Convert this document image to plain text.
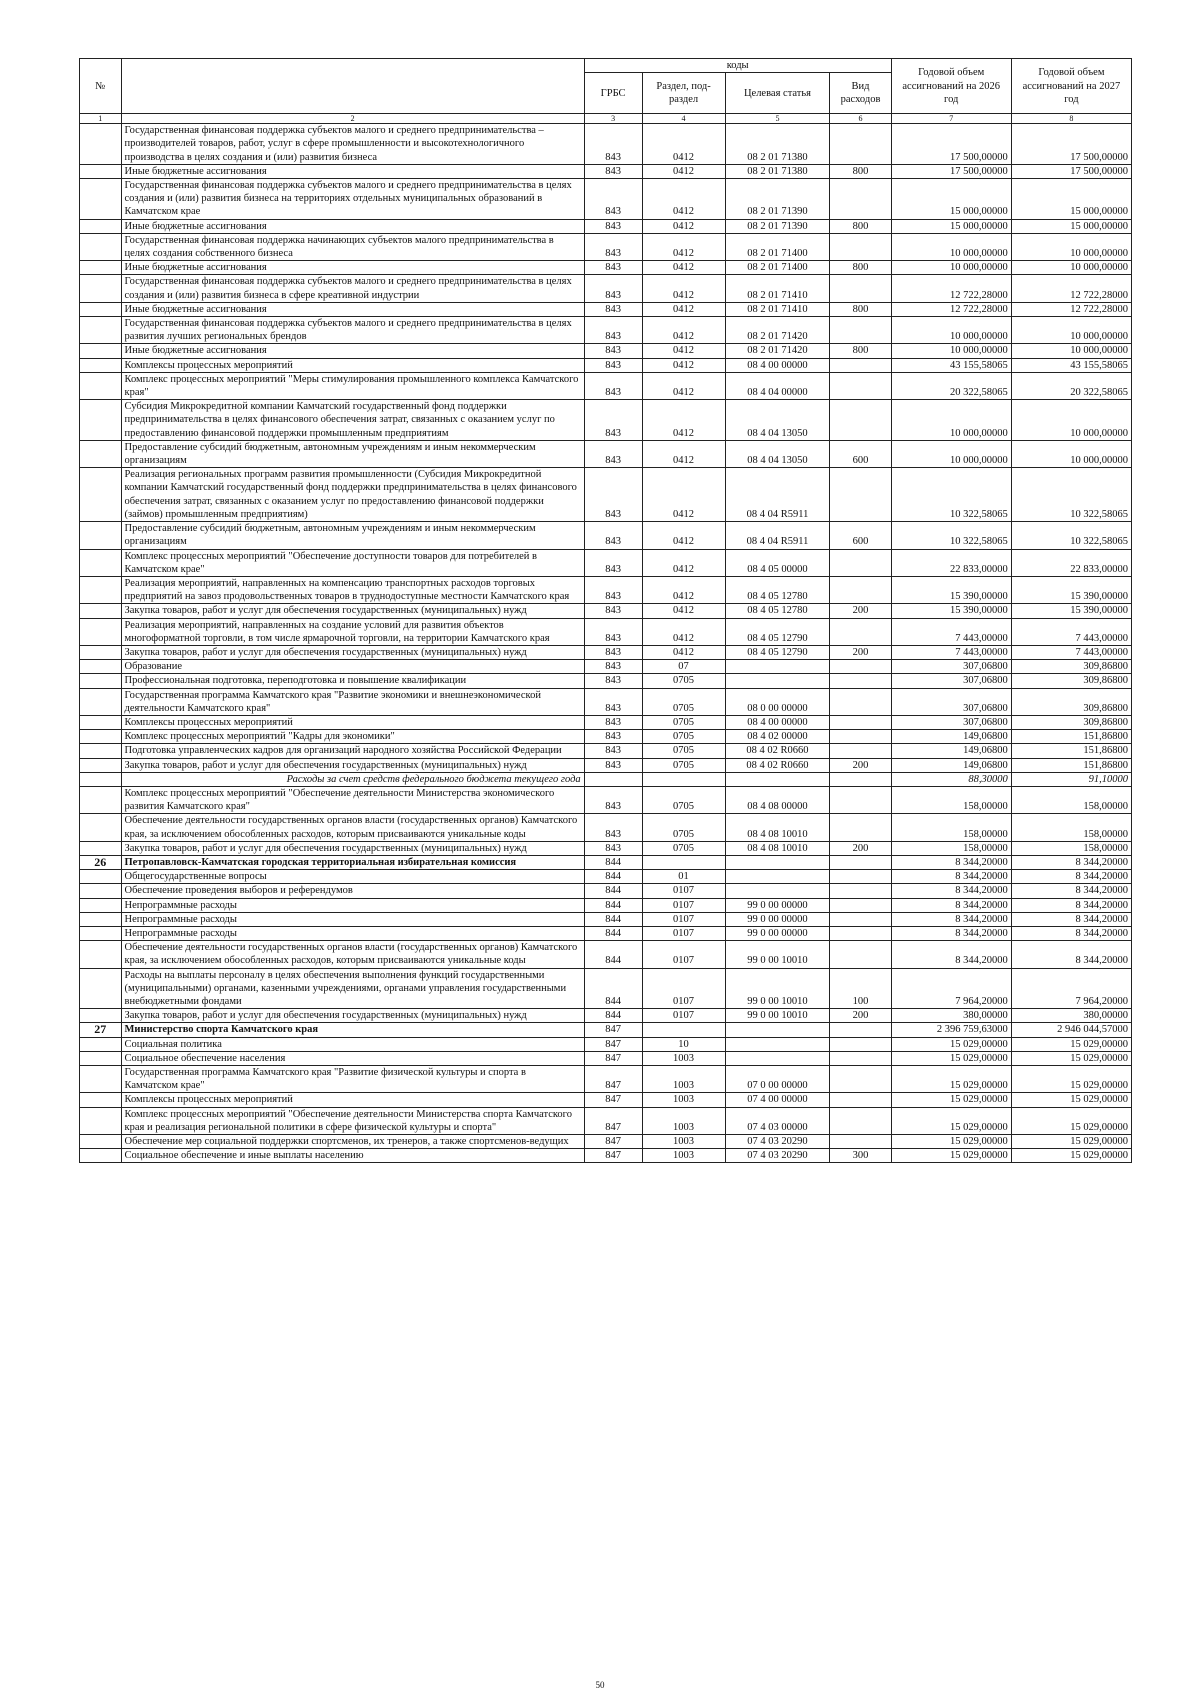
№		коды				Годовой объем ассигнований на 2026 год	Годовой объем ассигнований на 2027 год
		ГРБС	Раздел, под-раздел	Целевая статья	Вид расходов		
1	2	3	4	5	6	7	8
	Государственная финансовая поддержка субъектов малого и среднего предпринимательства – производителей товаров, работ, услуг в сфере промышленности и высокотехнологичного производства в целях создания и (или) развития бизнеса	843	0412	08 2 01 71380		17 500,00000	17 500,00000
	Иные бюджетные ассигнования	843	0412	08 2 01 71380	800	17 500,00000	17 500,00000
	Государственная финансовая поддержка субъектов малого и среднего предпринимательства в целях создания и (или) развития бизнеса на территориях отдельных муниципальных образований в Камчатском крае	843	0412	08 2 01 71390		15 000,00000	15 000,00000
	Иные бюджетные ассигнования	843	0412	08 2 01 71390	800	15 000,00000	15 000,00000
	Государственная финансовая поддержка начинающих субъектов малого предпринимательства в целях создания собственного бизнеса	843	0412	08 2 01 71400		10 000,00000	10 000,00000
	Иные бюджетные ассигнования	843	0412	08 2 01 71400	800	10 000,00000	10 000,00000
	Государственная финансовая поддержка субъектов малого и среднего предпринимательства в целях создания и (или) развития бизнеса в сфере креативной индустрии	843	0412	08 2 01 71410		12 722,28000	12 722,28000
	Иные бюджетные ассигнования	843	0412	08 2 01 71410	800	12 722,28000	12 722,28000
	Государственная финансовая поддержка субъектов малого и среднего предпринимательства в целях развития лучших региональных брендов	843	0412	08 2 01 71420		10 000,00000	10 000,00000
	Иные бюджетные ассигнования	843	0412	08 2 01 71420	800	10 000,00000	10 000,00000
	Комплексы процессных мероприятий	843	0412	08 4 00 00000		43 155,58065	43 155,58065
	Комплекс процессных мероприятий "Меры стимулирования промышленного комплекса Камчатского края"	843	0412	08 4 04 00000		20 322,58065	20 322,58065
	Субсидия Микрокредитной компании Камчатский государственный фонд поддержки предпринимательства в целях финансового обеспечения затрат, связанных с оказанием услуг по предоставлению финансовой поддержки промышленным предприятиям	843	0412	08 4 04 13050		10 000,00000	10 000,00000
	Предоставление субсидий бюджетным, автономным учреждениям и иным некоммерческим организациям	843	0412	08 4 04 13050	600	10 000,00000	10 000,00000
	Реализация региональных программ развития промышленности (Субсидия Микрокредитной компании Камчатский государственный фонд поддержки предпринимательства в целях финансового обеспечения затрат, связанных с оказанием услуг по предоставлению финансовой поддержки (займов) промышленным предприятиям)	843	0412	08 4 04 R5911		10 322,58065	10 322,58065
	Предоставление субсидий бюджетным, автономным учреждениям и иным некоммерческим организациям	843	0412	08 4 04 R5911	600	10 322,58065	10 322,58065
	Комплекс процессных мероприятий "Обеспечение доступности товаров для потребителей в Камчатском крае"	843	0412	08 4 05 00000		22 833,00000	22 833,00000
	Реализация мероприятий, направленных на компенсацию транспортных расходов торговых предприятий на завоз продовольственных товаров в труднодоступные местности Камчатского края	843	0412	08 4 05 12780		15 390,00000	15 390,00000
	Закупка товаров, работ и услуг для обеспечения государственных (муниципальных) нужд	843	0412	08 4 05 12780	200	15 390,00000	15 390,00000
	Реализация мероприятий, направленных на создание условий для развития объектов многоформатной торговли, в том числе ярмарочной торговли, на территории Камчатского края	843	0412	08 4 05 12790		7 443,00000	7 443,00000
	Закупка товаров, работ и услуг для обеспечения государственных (муниципальных) нужд	843	0412	08 4 05 12790	200	7 443,00000	7 443,00000
	Образование	843	07			307,06800	309,86800
	Профессиональная подготовка, переподготовка и повышение квалификации	843	0705			307,06800	309,86800
	Государственная программа Камчатского края "Развитие экономики и внешнеэкономической деятельности Камчатского края"	843	0705	08 0 00 00000		307,06800	309,86800
	Комплексы процессных мероприятий	843	0705	08 4 00 00000		307,06800	309,86800
	Комплекс процессных мероприятий "Кадры для экономики"	843	0705	08 4 02 00000		149,06800	151,86800
	Подготовка управленческих кадров для организаций народного хозяйства Российской Федерации	843	0705	08 4 02 R0660		149,06800	151,86800
	Закупка товаров, работ и услуг для обеспечения государственных (муниципальных) нужд	843	0705	08 4 02 R0660	200	149,06800	151,86800
	Расходы за счет средств федерального бюджета текущего года					88,30000	91,10000
	Комплекс процессных мероприятий "Обеспечение деятельности Министерства экономического развития Камчатского края"	843	0705	08 4 08 00000		158,00000	158,00000
	Обеспечение деятельности государственных органов власти (государственных органов) Камчатского края, за исключением обособленных расходов, которым присваиваются уникальные коды	843	0705	08 4 08 10010		158,00000	158,00000
	Закупка товаров, работ и услуг для обеспечения государственных (муниципальных) нужд	843	0705	08 4 08 10010	200	158,00000	158,00000
26	Петропавловск-Камчатская городская территориальная избирательная комиссия	844				8 344,20000	8 344,20000
	Общегосударственные вопросы	844	01			8 344,20000	8 344,20000
	Обеспечение проведения выборов и референдумов	844	0107			8 344,20000	8 344,20000
	Непрограммные расходы	844	0107	99 0 00 00000		8 344,20000	8 344,20000
	Непрограммные расходы	844	0107	99 0 00 00000		8 344,20000	8 344,20000
	Непрограммные расходы	844	0107	99 0 00 00000		8 344,20000	8 344,20000
	Обеспечение деятельности государственных органов власти (государственных органов) Камчатского края, за исключением обособленных расходов, которым присваиваются уникальные коды	844	0107	99 0 00 10010		8 344,20000	8 344,20000
	Расходы на выплаты персоналу в целях обеспечения выполнения функций государственными (муниципальными) органами, казенными учреждениями, органами управления государственными внебюджетными фондами	844	0107	99 0 00 10010	100	7 964,20000	7 964,20000
	Закупка товаров, работ и услуг для обеспечения государственных (муниципальных) нужд	844	0107	99 0 00 10010	200	380,00000	380,00000
27	Министерство спорта Камчатского края	847				2 396 759,63000	2 946 044,57000
	Социальная политика	847	10			15 029,00000	15 029,00000
	Социальное обеспечение населения	847	1003			15 029,00000	15 029,00000
	Государственная программа Камчатского края "Развитие физической культуры и спорта в Камчатском крае"	847	1003	07 0 00 00000		15 029,00000	15 029,00000
	Комплексы процессных мероприятий	847	1003	07 4 00 00000		15 029,00000	15 029,00000
	Комплекс процессных мероприятий "Обеспечение деятельности Министерства спорта Камчатского края и реализация региональной политики в сфере физической культуры и спорта"	847	1003	07 4 03 00000		15 029,00000	15 029,00000
	Обеспечение мер социальной поддержки спортсменов, их тренеров, а также спортсменов-ведущих	847	1003	07 4 03 20290		15 029,00000	15 029,00000
	Социальное обеспечение и иные выплаты населению	847	1003	07 4 03 20290	300	15 029,00000	15 029,00000
50
